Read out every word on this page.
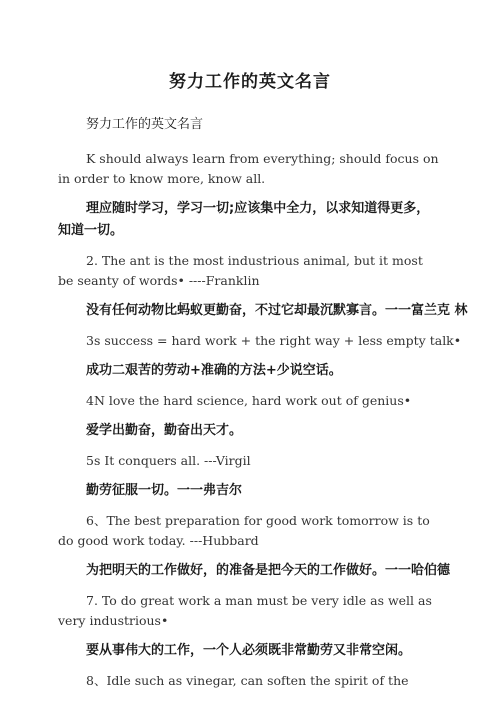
努力工作的英文名言
努力工作的英文名言
K should always learn from everything; should focus on in order to know more, know all.
理应随时学习，学习一切;应该集中全力，以求知道得更多，知道一切。
2. The ant is the most industrious animal, but it most be seanty of words• ----Franklin
没有任何动物比蚂蚁更勤奋，不过它却最沉默寡言。一一富兰克 林
3s success = hard work + the right way + less empty talk•
成功二艰苦的劳动+准确的方法+少说空话。
4N love the hard science, hard work out of genius•
爱学出勤奋，勤奋出天才。
5s It conquers all. ---Virgil
勤劳征服一切。一一弗吉尔
6、The best preparation for good work tomorrow is to do good work today. ---Hubbard
为把明天的工作做好，的准备是把今天的工作做好。一一哈伯德
7. To do great work a man must be very idle as well as very industrious•
要从事伟大的工作，一个人必须既非常勤劳又非常空闲。
8、Idle such as vinegar, can soften the spirit of the
